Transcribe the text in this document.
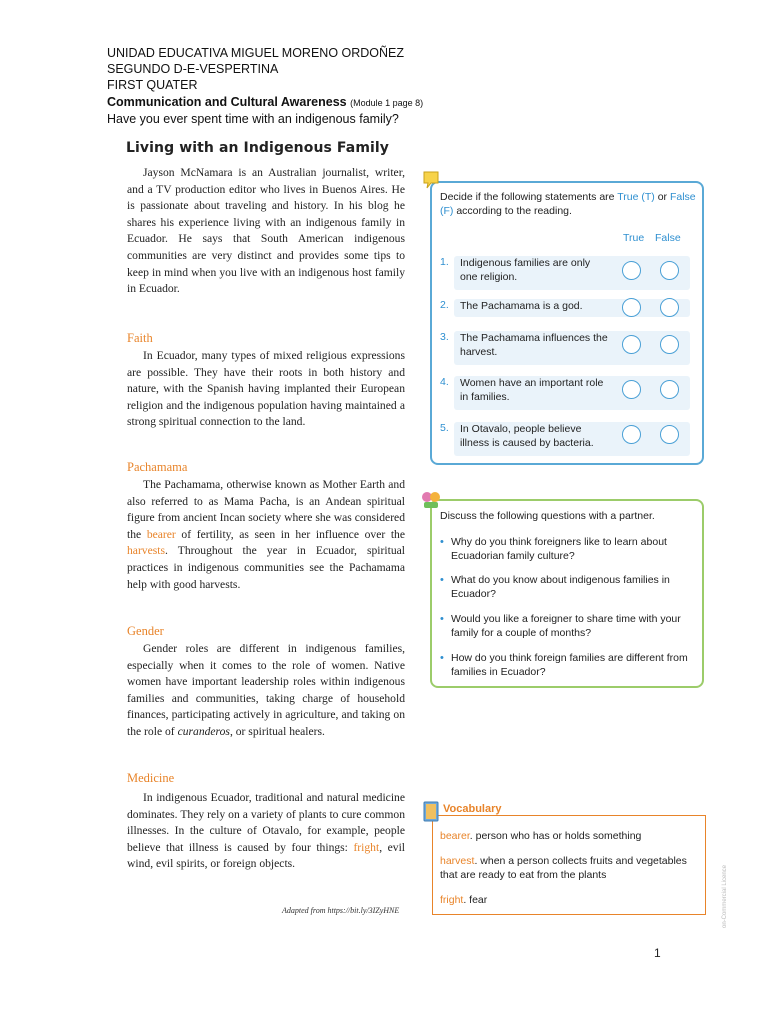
UNIDAD EDUCATIVA MIGUEL MORENO ORDOÑEZ
SEGUNDO D-E-VESPERTINA
FIRST QUATER
Communication and Cultural Awareness (Module 1 page 8)
Have you ever spent time with an indigenous family?
Living with an Indigenous Family
Jayson McNamara is an Australian journalist, writer, and a TV production editor who lives in Buenos Aires. He is passionate about traveling and history. In his blog he shares his experience living with an indigenous family in Ecuador. He says that South American indigenous communities are very distinct and provides some tips to keep in mind when you live with an indigenous host family in Ecuador.
Faith
In Ecuador, many types of mixed religious expressions are possible. They have their roots in both history and nature, with the Spanish having implanted their European religion and the indigenous population having maintained a strong spiritual connection to the land.
Pachamama
The Pachamama, otherwise known as Mother Earth and also referred to as Mama Pacha, is an Andean spiritual figure from ancient Incan society where she was considered the bearer of fertility, as seen in her influence over the harvests. Throughout the year in Ecuador, spiritual practices in indigenous communities see the Pachamama help with good harvests.
Gender
Gender roles are different in indigenous families, especially when it comes to the role of women. Native women have important leadership roles within indigenous families and communities, taking charge of household finances, participating actively in agriculture, and taking on the role of curanderos, or spiritual healers.
Medicine
In indigenous Ecuador, traditional and natural medicine dominates. They rely on a variety of plants to cure common illnesses. In the culture of Otavalo, for example, people believe that illness is caused by four things: fright, evil wind, evil spirits, or foreign objects.
Adapted from https://bit.ly/3IZyHNE
Decide if the following statements are True (T) or False (F) according to the reading.
True False
1. Indigenous families are only one religion.
2. The Pachamama is a god.
3. The Pachamama influences the harvest.
4. Women have an important role in families.
5. In Otavalo, people believe illness is caused by bacteria.
Discuss the following questions with a partner.
• Why do you think foreigners like to learn about Ecuadorian family culture?
• What do you know about indigenous families in Ecuador?
• Would you like a foreigner to share time with your family for a couple of months?
• How do you think foreign families are different from families in Ecuador?
Vocabulary
bearer. person who has or holds something
harvest. when a person collects fruits and vegetables that are ready to eat from the plants
fright. fear	on-Commercial Licence
1
